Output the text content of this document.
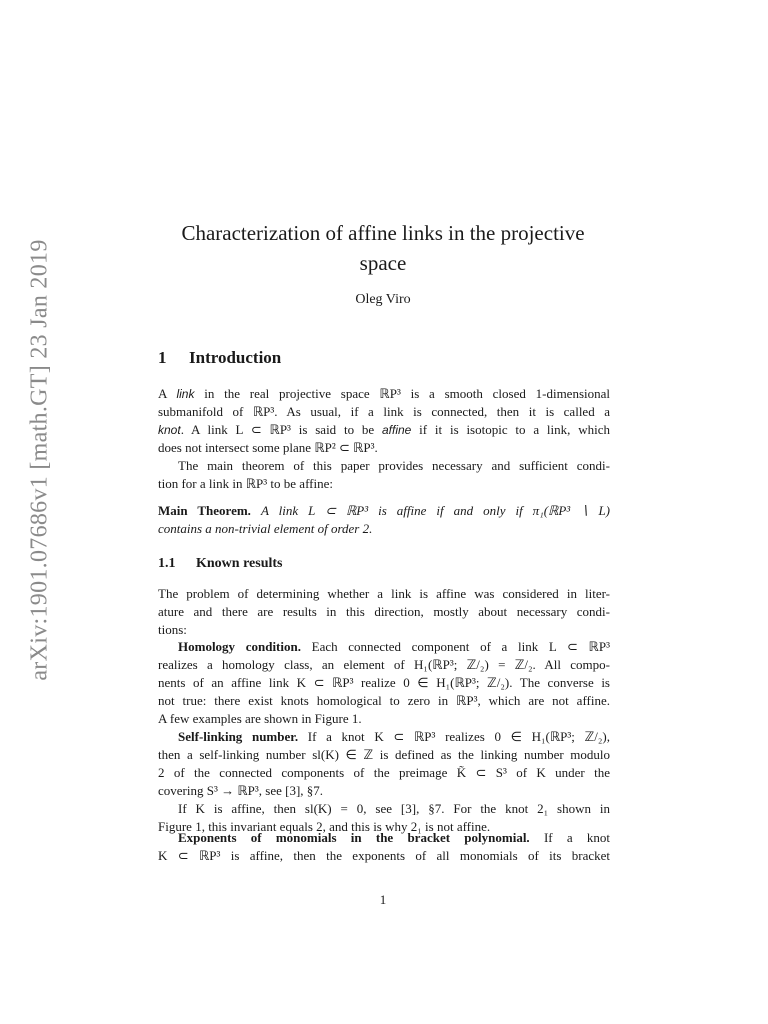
arXiv:1901.07686v1 [math.GT] 23 Jan 2019
Characterization of affine links in the projective
space
Oleg Viro
1 Introduction
A link in the real projective space ℝP³ is a smooth closed 1-dimensional
submanifold of ℝP³. As usual, if a link is connected, then it is called a
knot. A link L ⊂ ℝP³ is said to be affine if it is isotopic to a link, which
does not intersect some plane ℝP² ⊂ ℝP³.
The main theorem of this paper provides necessary and sufficient condi-
tion for a link in ℝP³ to be affine:
Main Theorem. A link L ⊂ ℝP³ is affine if and only if π₁(ℝP³ ∖ L)
contains a non-trivial element of order 2.
1.1 Known results
The problem of determining whether a link is affine was considered in liter-
ature and there are results in this direction, mostly about necessary condi-
tions:
Homology condition. Each connected component of a link L ⊂ ℝP³
realizes a homology class, an element of H₁(ℝP³; ℤ/₂) = ℤ/₂. All compo-
nents of an affine link K ⊂ ℝP³ realize 0 ∈ H₁(ℝP³; ℤ/₂). The converse is
not true: there exist knots homological to zero in ℝP³, which are not affine.
A few examples are shown in Figure 1.
Self-linking number. If a knot K ⊂ ℝP³ realizes 0 ∈ H₁(ℝP³; ℤ/₂),
then a self-linking number sl(K) ∈ ℤ is defined as the linking number modulo
2 of the connected components of the preimage K̃ ⊂ S³ of K under the
covering S³ → ℝP³, see [3], §7.
If K is affine, then sl(K) = 0, see [3], §7. For the knot 2₁ shown in
Figure 1, this invariant equals 2, and this is why 2₁ is not affine.
Exponents of monomials in the bracket polynomial. If a knot
K ⊂ ℝP³ is affine, then the exponents of all monomials of its bracket
1
